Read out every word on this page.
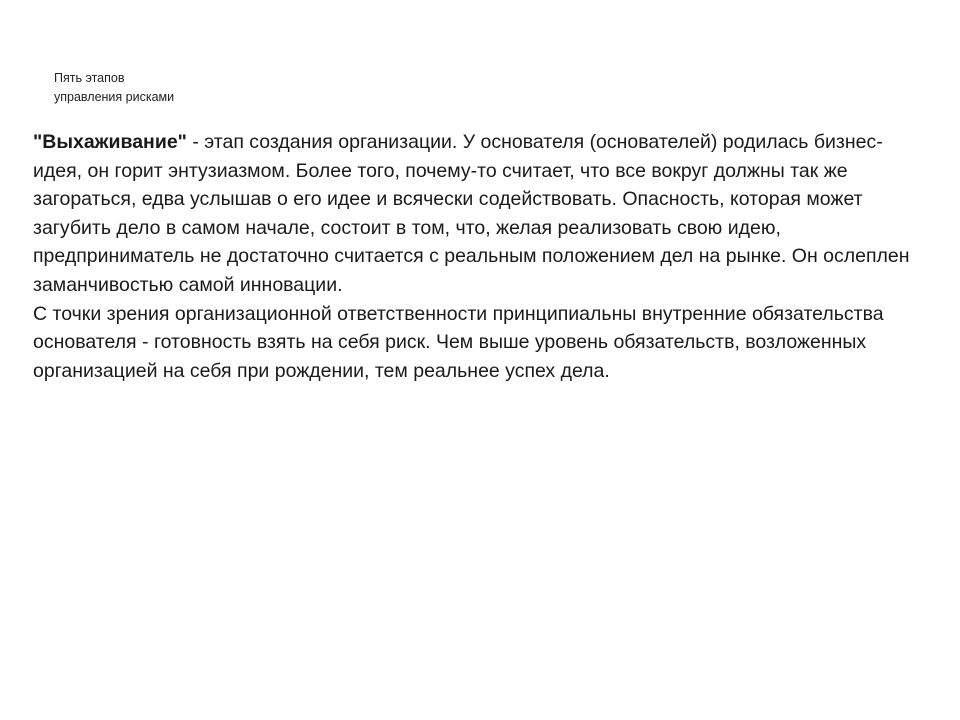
Пять этапов
управления рисками

"Выхаживание" - этап создания организации. У основателя (основателей) родилась бизнес-идея, он горит энтузиазмом. Более того, почему-то считает, что все вокруг должны так же загораться, едва услышав о его идее и всячески содействовать. Опасность, которая может загубить дело в самом начале, состоит в том, что, желая реализовать свою идею, предприниматель не достаточно считается с реальным положением дел на рынке. Он ослеплен заманчивостью самой инновации.

С точки зрения организационной ответственности принципиальны внутренние обязательства основателя - готовность взять на себя риск. Чем выше уровень обязательств, возложенных организацией на себя при рождении, тем реальнее успех дела.
